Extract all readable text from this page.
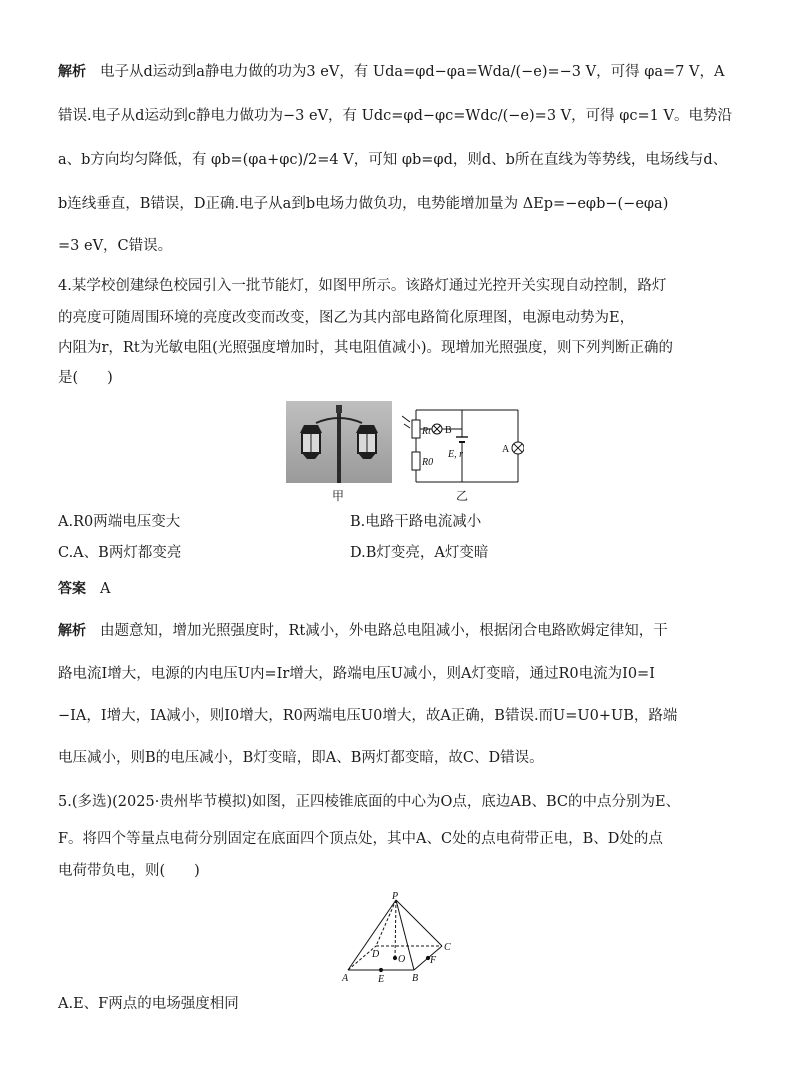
解析 电子从d运动到a静电力做的功为3 eV，有 Uda=φd−φa=Wda/(−e)=−3 V，可得 φa=7 V，A
错误.电子从d运动到c静电力做功为−3 eV，有 Udc=φd−φc=Wdc/(−e)=3 V，可得 φc=1 V。电势沿
a、b方向均匀降低，有 φb=(φa+φc)/2=4 V，可知 φb=φd，则d、b所在直线为等势线，电场线与d、
b连线垂直，B错误，D正确.电子从a到b电场力做负功，电势能增加量为 ΔEp=−eφb−(−eφa)
=3 eV，C错误。
4.某学校创建绿色校园引入一批节能灯，如图甲所示。该路灯通过光控开关实现自动控制，路灯
的亮度可随周围环境的亮度改变而改变，图乙为其内部电路简化原理图，电源电动势为E，
内阻为r，Rt为光敏电阻(光照强度增加时，其电阻值减小)。现增加光照强度，则下列判断正确的
是(　　)
甲
Rt B
R0
E, r	A
乙
A.R0两端电压变大	B.电路干路电流减小
C.A、B两灯都变亮	D.B灯变亮，A灯变暗
答案 A
解析 由题意知，增加光照强度时，Rt减小，外电路总电阻减小，根据闭合电路欧姆定律知，干
路电流I增大，电源的内电压U内=Ir增大，路端电压U减小，则A灯变暗，通过R0电流为I0=I
−IA，I增大，IA减小，则I0增大，R0两端电压U0增大，故A正确，B错误.而U=U0+UB，路端
电压减小，则B的电压减小，B灯变暗，即A、B两灯都变暗，故C、D错误。
5.(多选)(2025·贵州毕节模拟)如图，正四棱锥底面的中心为O点，底边AB、BC的中点分别为E、
F。将四个等量点电荷分别固定在底面四个顶点处，其中A、C处的点电荷带正电，B、D处的点
电荷带负电，则(　　)
P
C
D O F
A	E	B
A.E、F两点的电场强度相同
